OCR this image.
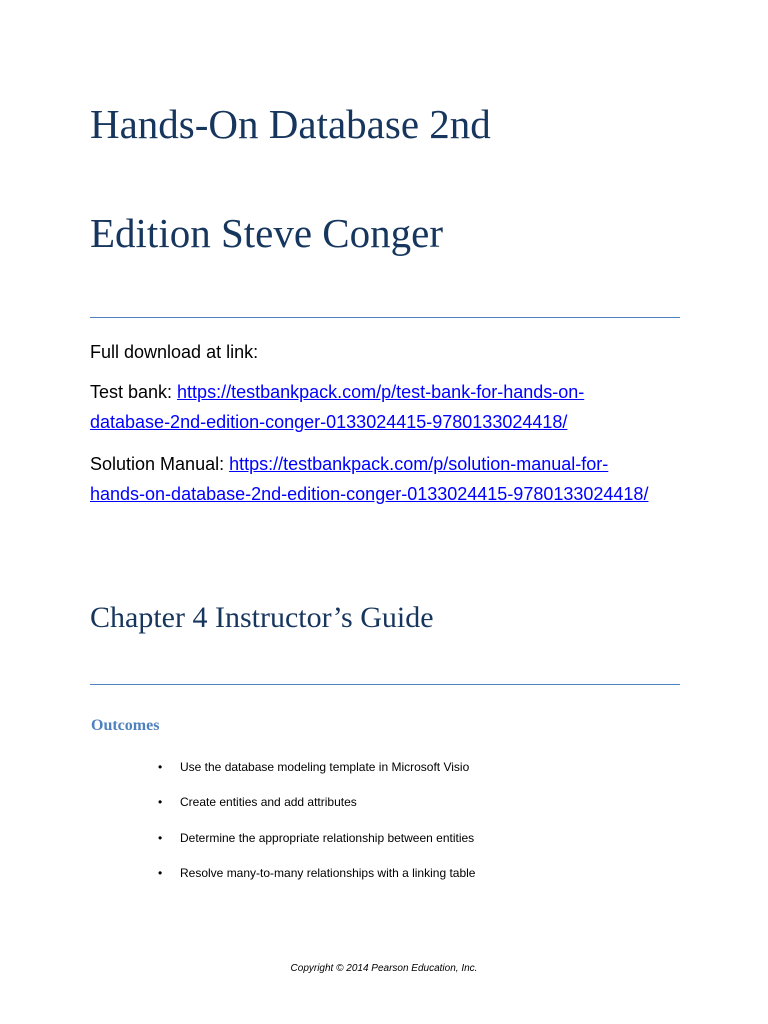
Hands-On Database 2nd
Edition Steve Conger
Full download at link:
Test bank: https://testbankpack.com/p/test-bank-for-hands-on-
database-2nd-edition-conger-0133024415-9780133024418/
Solution Manual: https://testbankpack.com/p/solution-manual-for-
hands-on-database-2nd-edition-conger-0133024415-9780133024418/
Chapter 4 Instructor’s Guide
Outcomes
• Use the database modeling template in Microsoft Visio
• Create entities and add attributes
• Determine the appropriate relationship between entities
• Resolve many-to-many relationships with a linking table
Copyright © 2014 Pearson Education, Inc.
